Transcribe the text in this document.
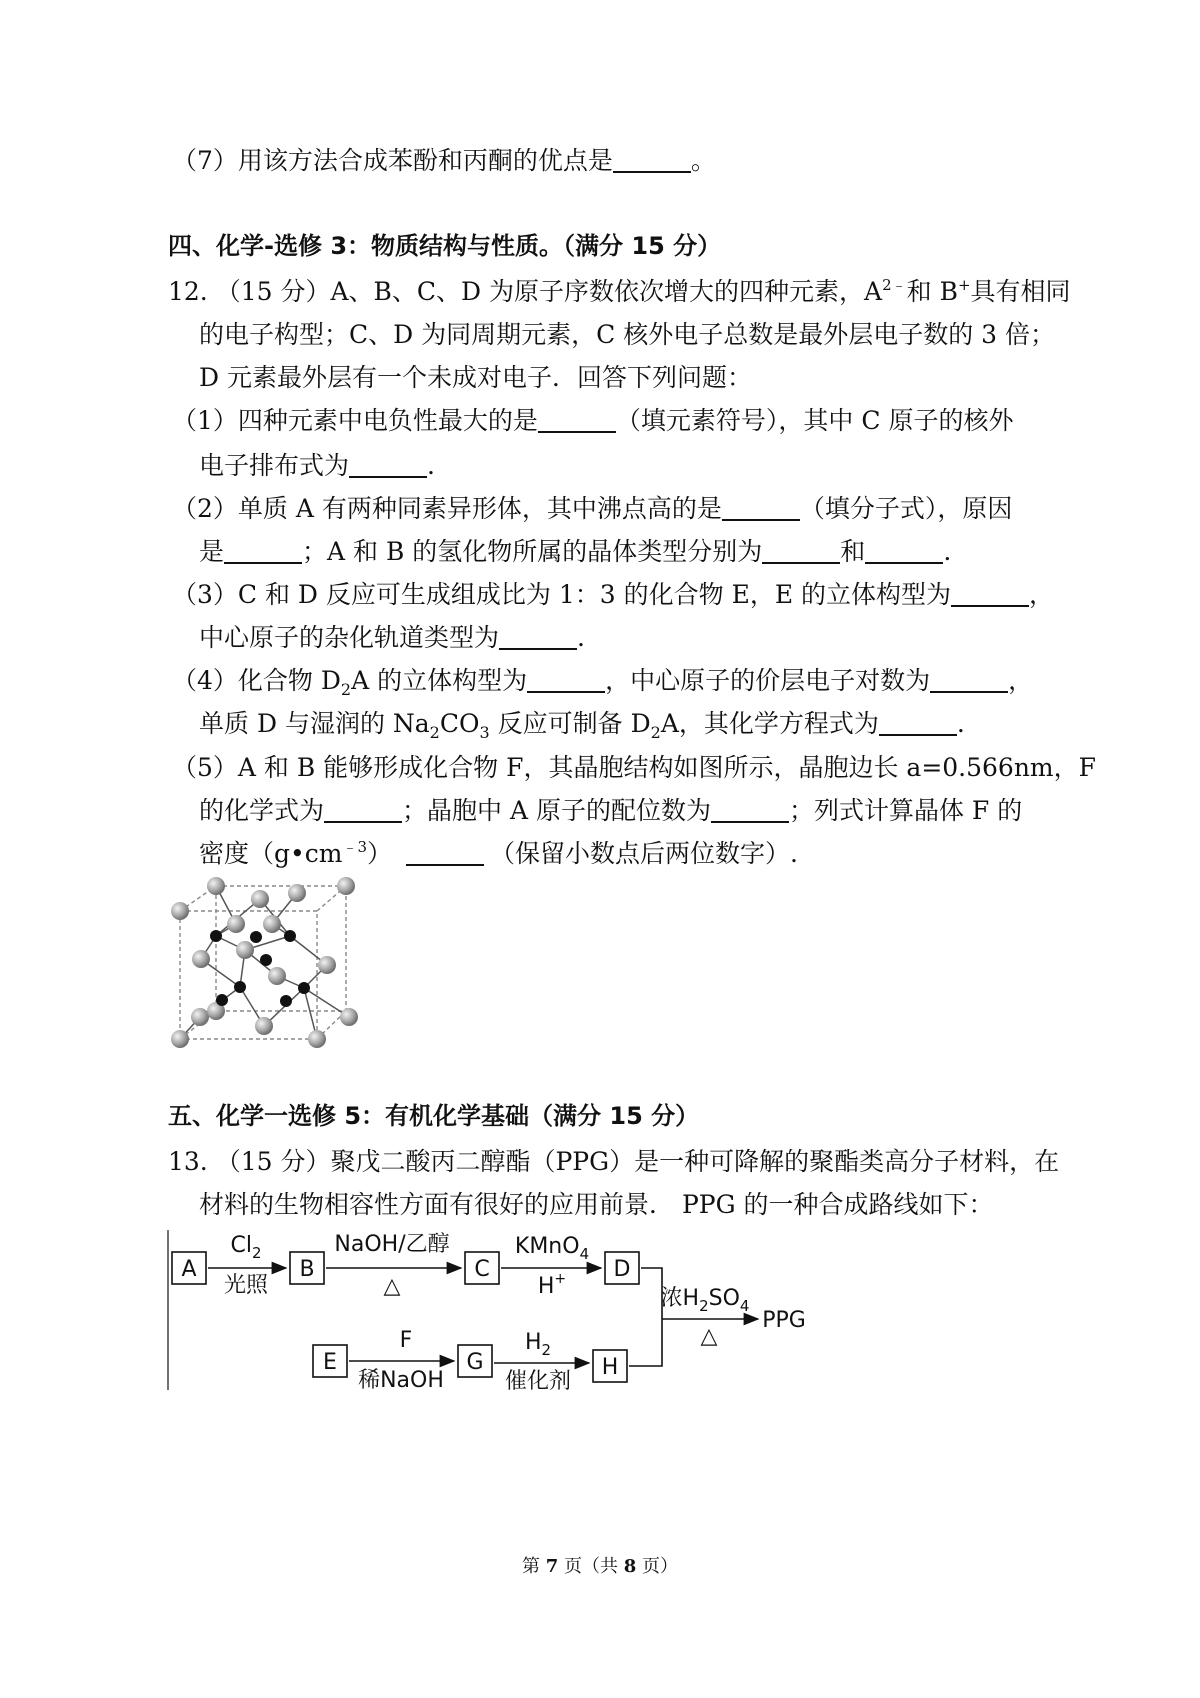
（7）用该方法合成苯酚和丙酮的优点是	。
四、化学-选修 3：物质结构与性质。（满分 15 分）
12. （15 分）A、B、C、D 为原子序数依次增大的四种元素，$A^{2﹣}$和 B+具有相同
的电子构型；C、D 为同周期元素，C 核外电子总数是最外层电子数的 3 倍；
D 元素最外层有一个未成对电子．回答下列问题：
（1）四种元素中电负性最大的是	（填元素符号），其中 C 原子的核外
电子排布式为	.
（2）单质 A 有两种同素异形体，其中沸点高的是	（填分子式），原因
是	；A 和 B 的氢化物所属的晶体类型分别为	和	.
（3）C 和 D 反应可生成组成比为 1：3 的化合物 E，E 的立体构型为	，
中心原子的杂化轨道类型为	.
（4）化合物 $D_2A$ 的立体构型为	，中心原子的价层电子对数为	，
单质 D 与湿润的 $Na_2CO_3$ 反应可制备 $D_2A$，其化学方程式为	.
（5）A 和 B 能够形成化合物 F，其晶胞结构如图所示，晶胞边长 a=0.566nm，F
的化学式为	；晶胞中 A 原子的配位数为	；列式计算晶体 F 的
密度$(g•cm^{﹣3})$	（保留小数点后两位数字）.
五、化学一选修 5：有机化学基础（满分 15 分）
13. （15 分）聚戊二酸丙二醇酯（PPG）是一种可降解的聚酯类高分子材料，在
材料的生物相容性方面有很好的应用前景． PPG 的一种合成路线如下：
A	B	C	D
E	G	H
$Cl_2$
光照
NaOH/乙醇
△
KMnO$_4$
H+
浓$H_2SO_4$
△
PPG
F
稀NaOH
$H_2$
催化剂
第 7 页（共 8 页）
